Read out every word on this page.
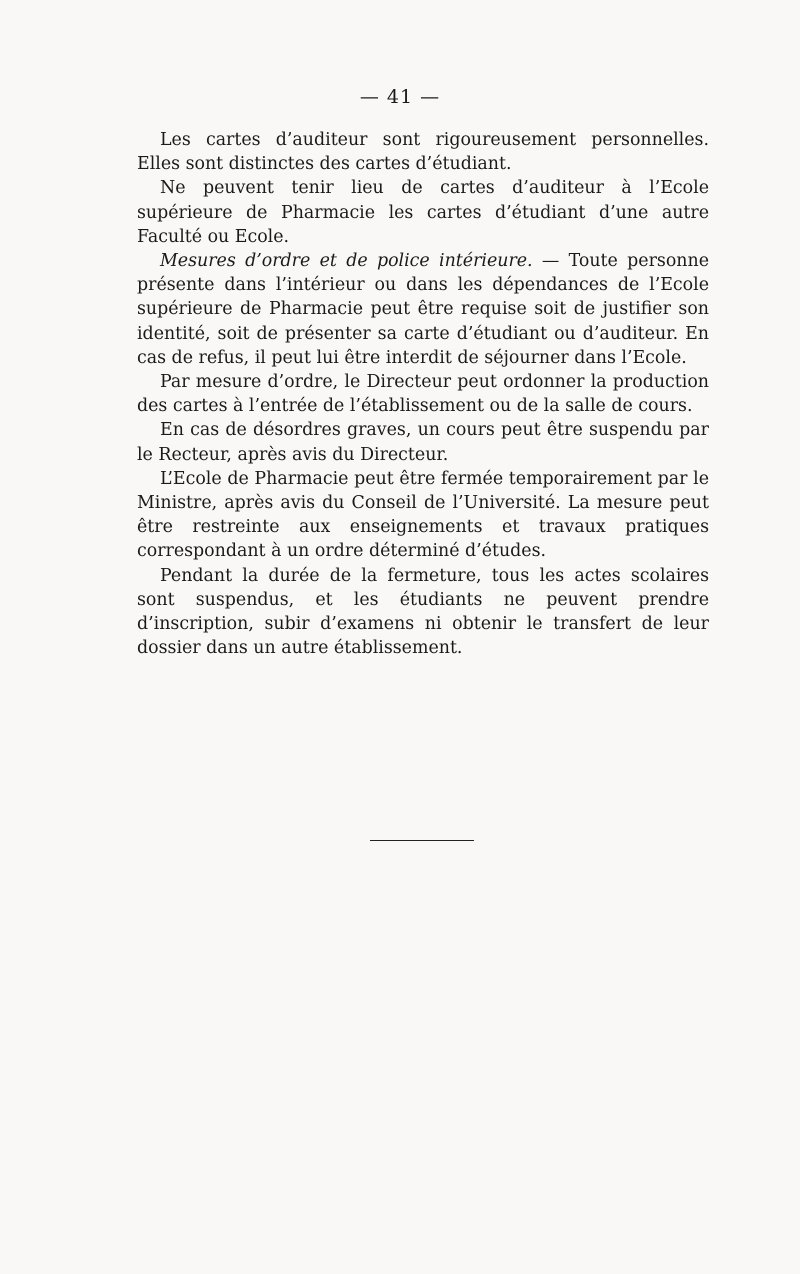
— 41 —

Les cartes d’auditeur sont rigoureusement personnelles. Elles sont distinctes des cartes d’étudiant.

Ne peuvent tenir lieu de cartes d’auditeur à l’Ecole supérieure de Pharmacie les cartes d’étudiant d’une autre Faculté ou Ecole.

Mesures d’ordre et de police intérieure. — Toute personne présente dans l’intérieur ou dans les dépendances de l’Ecole supérieure de Pharmacie peut être requise soit de justifier son identité, soit de présenter sa carte d’étudiant ou d’auditeur. En cas de refus, il peut lui être interdit de séjourner dans l’Ecole.

Par mesure d’ordre, le Directeur peut ordonner la production des cartes à l’entrée de l’établissement ou de la salle de cours.

En cas de désordres graves, un cours peut être suspendu par le Recteur, après avis du Directeur.

L’Ecole de Pharmacie peut être fermée temporairement par le Ministre, après avis du Conseil de l’Université. La mesure peut être restreinte aux enseignements et travaux pratiques correspondant à un ordre déterminé d’études.

Pendant la durée de la fermeture, tous les actes scolaires sont suspendus, et les étudiants ne peuvent prendre d’inscription, subir d’examens ni obtenir le transfert de leur dossier dans un autre établissement.
